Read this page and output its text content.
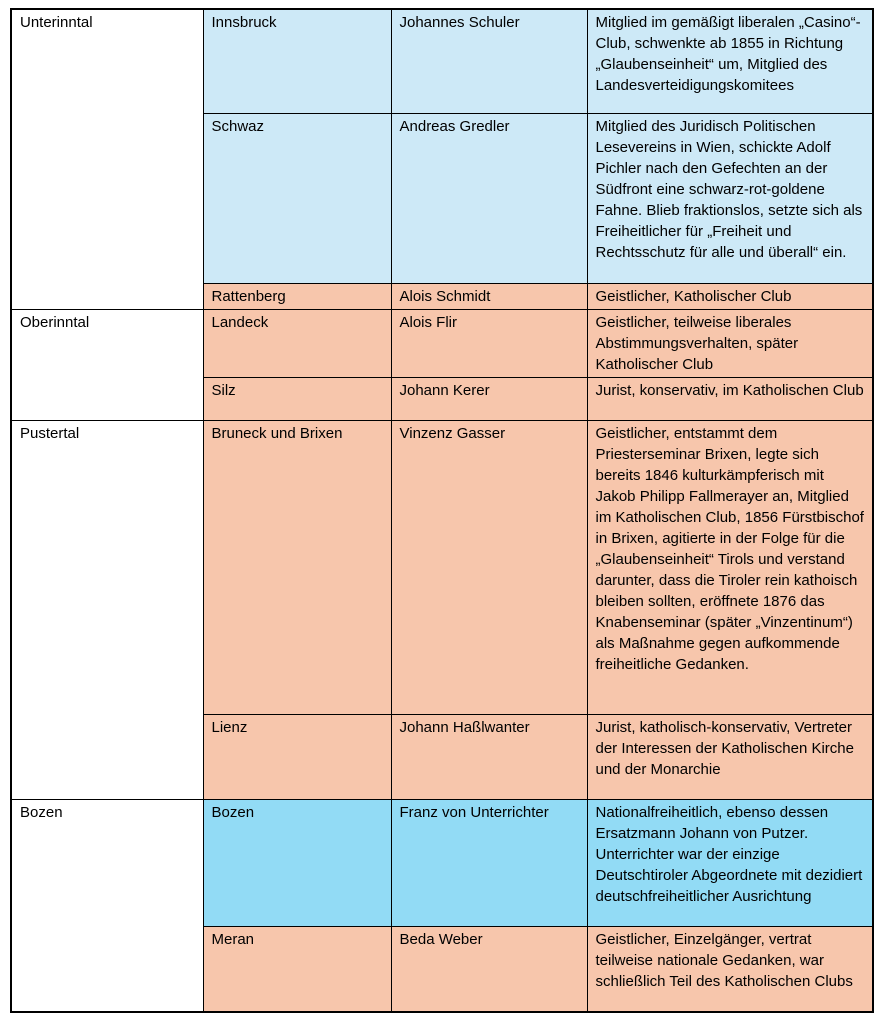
Unterinntal	Innsbruck	Johannes Schuler	Mitglied im gemäßigt liberalen „Casino“-Club, schwenkte ab 1855 in Richtung „Glaubenseinheit“ um, Mitglied des Landesverteidigungskomitees
	Schwaz	Andreas Gredler	Mitglied des Juridisch Politischen Lesevereins in Wien, schickte Adolf Pichler nach den Gefechten an der Südfront eine schwarz-rot-goldene Fahne. Blieb fraktionslos, setzte sich als Freiheitlicher für „Freiheit und Rechtsschutz für alle und überall“ ein.
	Rattenberg	Alois Schmidt	Geistlicher, Katholischer Club
Oberinntal	Landeck	Alois Flir	Geistlicher, teilweise liberales Abstimmungsverhalten, später Katholischer Club
	Silz	Johann Kerer	Jurist, konservativ, im Katholischen Club
Pustertal	Bruneck und Brixen	Vinzenz Gasser	Geistlicher, entstammt dem Priesterseminar Brixen, legte sich bereits 1846 kulturkämpferisch mit Jakob Philipp Fallmerayer an, Mitglied im Katholischen Club, 1856 Fürstbischof in Brixen, agitierte in der Folge für die „Glaubenseinheit“ Tirols und verstand darunter, dass die Tiroler rein kathoisch bleiben sollten, eröffnete 1876 das Knabenseminar (später „Vinzentinum“) als Maßnahme gegen aufkommende freiheitliche Gedanken.
	Lienz	Johann Haßlwanter	Jurist, katholisch-konservativ, Vertreter der Interessen der Katholischen Kirche und der Monarchie
Bozen	Bozen	Franz von Unterrichter	Nationalfreiheitlich, ebenso dessen Ersatzmann Johann von Putzer. Unterrichter war der einzige Deutschtiroler Abgeordnete mit dezidiert deutschfreiheitlicher Ausrichtung
	Meran	Beda Weber	Geistlicher, Einzelgänger, vertrat teilweise nationale Gedanken, war schließlich Teil des Katholischen Clubs
